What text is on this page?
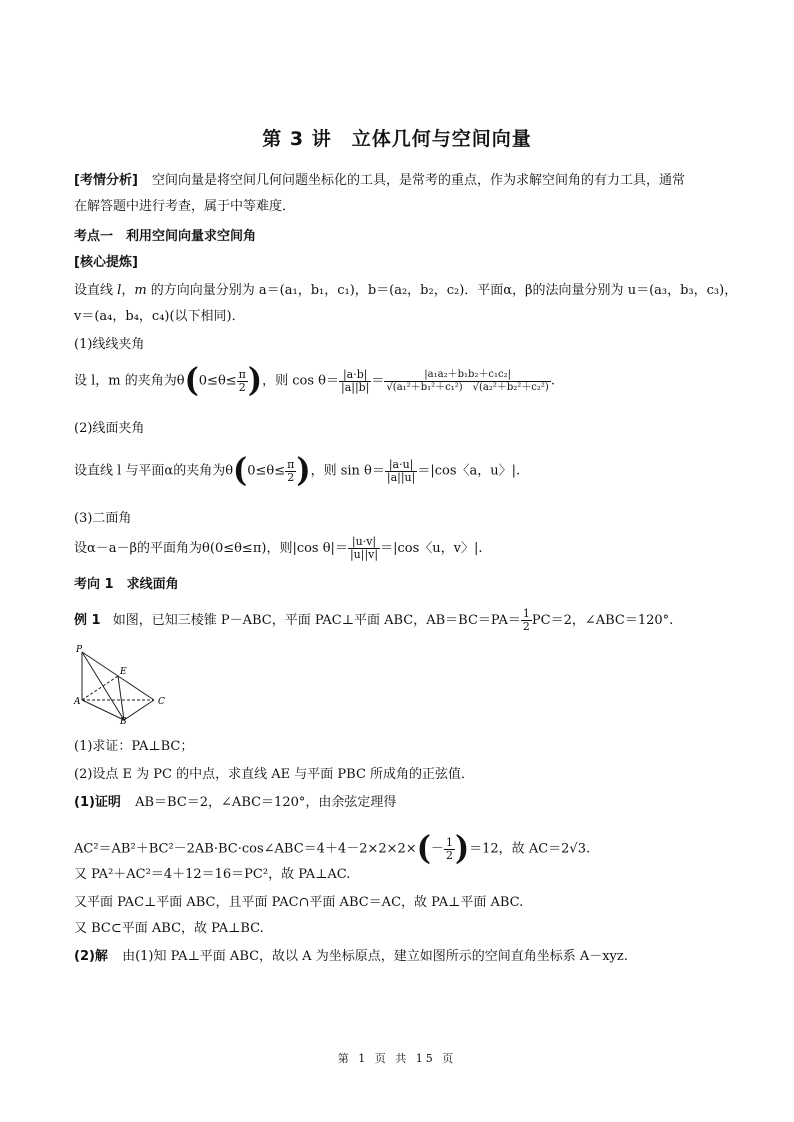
第 3 讲　立体几何与空间向量
[考情分析] 空间向量是将空间几何问题坐标化的工具，是常考的重点，作为求解空间角的有力工具，通常
在解答题中进行考查，属于中等难度．
考点一　利用空间向量求空间角
[核心提炼]
设直线 l，m 的方向向量分别为 a＝(a₁，b₁，c₁)，b＝(a₂，b₂，c₂)．平面α，β的法向量分别为 u＝(a₃，b₃，c₃)，
v＝(a₄，b₄，c₄)(以下相同)．
(1)线线夹角
设 l，m 的夹角为$\theta(0\le\theta\le \frac{\pi}{2}$ )，则 $\cos \theta= \frac{|a\cdot b|}{|a||b|} = \frac{\text{|a₁a₂＋b₁b₂＋c₁c₂|}}{\text{√(a₁²＋b₁²＋c₁²)　√(a₂²＋b₂²＋c₂²)}}$ .
(2)线面夹角
设直线 l 与平面α的夹角为$\theta(0\le\theta\le \frac{\pi}{2}$ )，则 $\sin \theta= \frac{|a\cdot u|}{|a||u|} =|\cos$〈a，u〉|.
(3)二面角
设α－a－β的平面角为θ(0≤θ≤π)，则|cos $\theta|= \frac{|u\cdot v|}{|u||v|} =|\cos$〈u，v〉|.
考向 1　求线面角
例 1 如图，已知三棱锥 P－ABC，平面 PAC⊥平面 ABC，$AB=BC=PA= \frac{1}{2} PC=2$，∠ABC＝120°.
P
E
A	C
B
(1)求证：PA⊥BC；
(2)设点 E 为 PC 的中点，求直线 AE 与平面 PBC 所成角的正弦值．
(1)证明 AB＝BC＝2，∠ABC＝120°，由余弦定理得
AC²＝AB²＋BC²－2AB·BC·cos∠ABC＝4＋4－2×2×2×(－ $\frac{1}{2} )=12$，故 AC＝2√3.
又 PA²＋AC²＝4＋12＝16＝PC²，故 PA⊥AC.
又平面 PAC⊥平面 ABC，且平面 PAC∩平面 ABC＝AC，故 PA⊥平面 ABC.
又 BC⊂平面 ABC，故 PA⊥BC.
(2)解 由(1)知 PA⊥平面 ABC，故以 A 为坐标原点，建立如图所示的空间直角坐标系 A－xyz.
第 1 页 共 15 页
